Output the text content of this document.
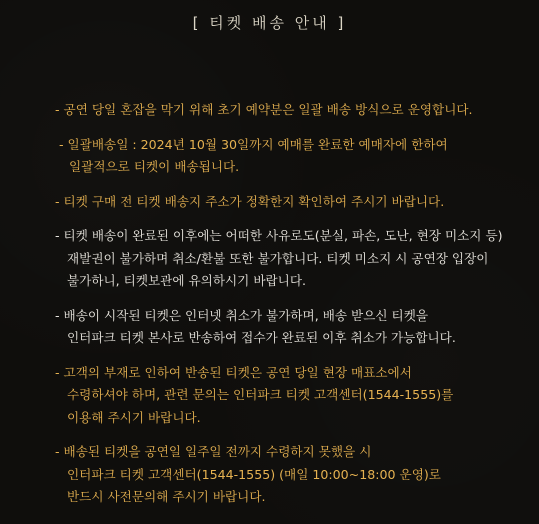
[ 티켓 배송 안내 ]
- 공연 당일 혼잡을 막기 위해 초기 예약분은 일괄 배송 방식으로 운영합니다.
- 일괄배송일 : 2024년 10월 30일까지 예매를 완료한 예매자에 한하여
일괄적으로 티켓이 배송됩니다.
- 티켓 구매 전 티켓 배송지 주소가 정확한지 확인하여 주시기 바랍니다.
- 티켓 배송이 완료된 이후에는 어떠한 사유로도(분실, 파손, 도난, 현장 미소지 등)
재발권이 불가하며 취소/환불 또한 불가합니다. 티켓 미소지 시 공연장 입장이
불가하니, 티켓보관에 유의하시기 바랍니다.
- 배송이 시작된 티켓은 인터넷 취소가 불가하며, 배송 받으신 티켓을
인터파크 티켓 본사로 반송하여 접수가 완료된 이후 취소가 가능합니다.
- 고객의 부재로 인하여 반송된 티켓은 공연 당일 현장 매표소에서
수령하셔야 하며, 관련 문의는 인터파크 티켓 고객센터(1544-1555)를
이용해 주시기 바랍니다.
- 배송된 티켓을 공연일 일주일 전까지 수령하지 못했을 시
인터파크 티켓 고객센터(1544-1555) (매일 10:00~18:00 운영)로
반드시 사전문의해 주시기 바랍니다.
